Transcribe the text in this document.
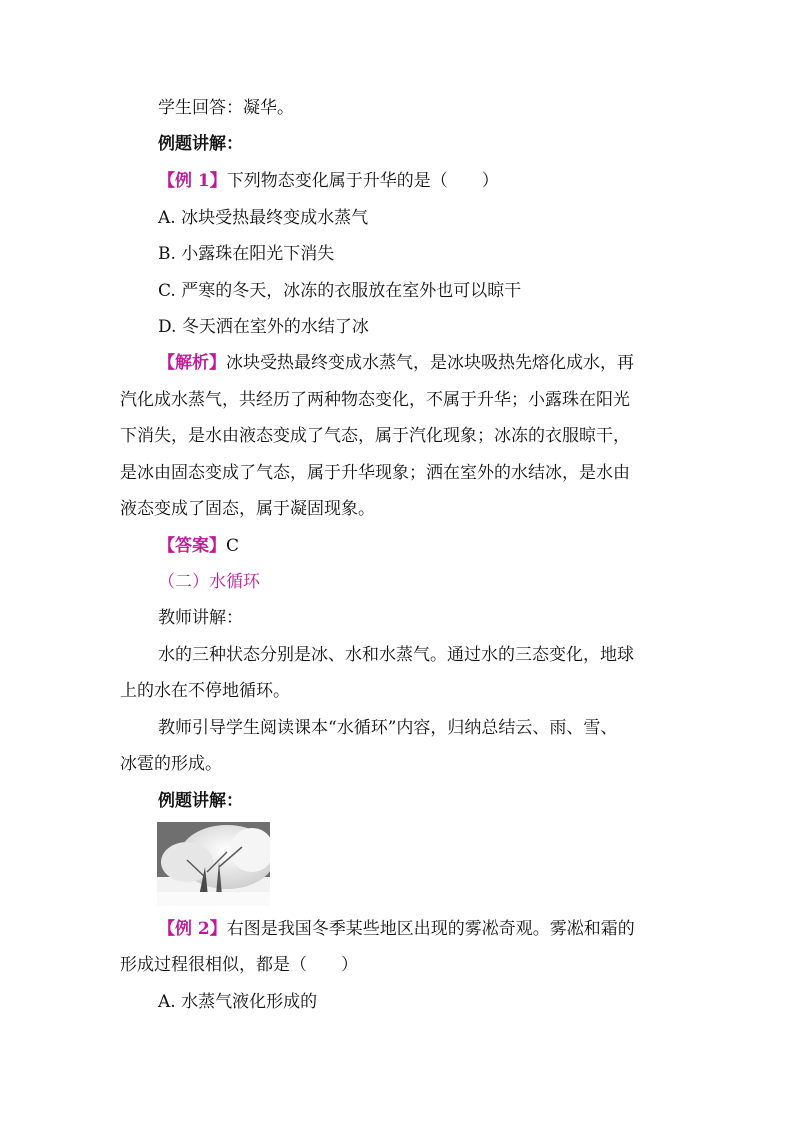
学生回答：凝华。
例题讲解：
【例 1】下列物态变化属于升华的是（　　）
A. 冰块受热最终变成水蒸气
B. 小露珠在阳光下消失
C. 严寒的冬天，冰冻的衣服放在室外也可以晾干
D. 冬天洒在室外的水结了冰
【解析】冰块受热最终变成水蒸气，是冰块吸热先熔化成水，再
汽化成水蒸气，共经历了两种物态变化，不属于升华；小露珠在阳光
下消失，是水由液态变成了气态，属于汽化现象；冰冻的衣服晾干，
是冰由固态变成了气态，属于升华现象；洒在室外的水结冰，是水由
液态变成了固态，属于凝固现象。
【答案】C
（二）水循环
教师讲解：
水的三种状态分别是冰、水和水蒸气。通过水的三态变化，地球
上的水在不停地循环。
教师引导学生阅读课本“水循环”内容，归纳总结云、雨、雪、
冰雹的形成。
例题讲解：
【例 2】右图是我国冬季某些地区出现的雾凇奇观。雾凇和霜的
形成过程很相似，都是（　　）
A. 水蒸气液化形成的
